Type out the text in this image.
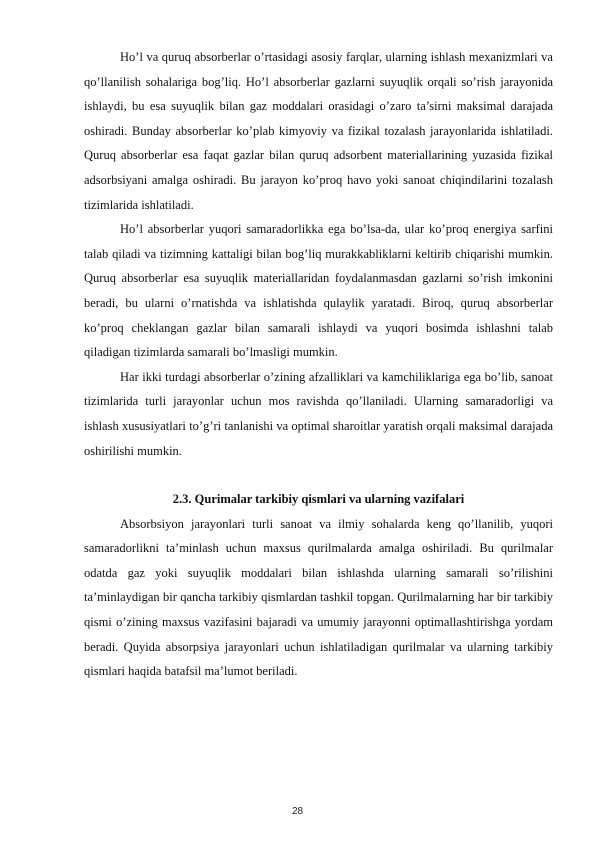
Ho’l va quruq absorberlar o’rtasidagi asosiy farqlar, ularning ishlash mexanizmlari va qo’llanilish sohalariga bog’liq. Ho’l absorberlar gazlarni suyuqlik orqali so’rish jarayonida ishlaydi, bu esa suyuqlik bilan gaz moddalari orasidagi o’zaro ta’sirni maksimal darajada oshiradi. Bunday absorberlar ko’plab kimyoviy va fizikal tozalash jarayonlarida ishlatiladi. Quruq absorberlar esa faqat gazlar bilan quruq adsorbent materiallarining yuzasida fizikal adsorbsiyani amalga oshiradi. Bu jarayon ko’proq havo yoki sanoat chiqindilarini tozalash tizimlarida ishlatiladi.

Ho’l absorberlar yuqori samaradorlikka ega bo’lsa-da, ular ko’proq energiya sarfini talab qiladi va tizimning kattaligi bilan bog’liq murakkabliklarni keltirib chiqarishi mumkin. Quruq absorberlar esa suyuqlik materiallaridan foydalanmasdan gazlarni so’rish imkonini beradi, bu ularni o’rnatishda va ishlatishda qulaylik yaratadi. Biroq, quruq absorberlar ko’proq cheklangan gazlar bilan samarali ishlaydi va yuqori bosimda ishlashni talab qiladigan tizimlarda samarali bo’lmasligi mumkin.

Har ikki turdagi absorberlar o’zining afzalliklari va kamchiliklariga ega bo’lib, sanoat tizimlarida turli jarayonlar uchun mos ravishda qo’llaniladi. Ularning samaradorligi va ishlash xususiyatlari to’g’ri tanlanishi va optimal sharoitlar yaratish orqali maksimal darajada oshirilishi mumkin.

2.3. Qurimalar tarkibiy qismlari va ularning vazifalari

Absorbsiyon jarayonlari turli sanoat va ilmiy sohalarda keng qo’llanilib, yuqori samaradorlikni ta’minlash uchun maxsus qurilmalarda amalga oshiriladi. Bu qurilmalar odatda gaz yoki suyuqlik moddalari bilan ishlashda ularning samarali so’rilishini ta’minlaydigan bir qancha tarkibiy qismlardan tashkil topgan. Qurilmalarning har bir tarkibiy qismi o’zining maxsus vazifasini bajaradi va umumiy jarayonni optimallashtirishga yordam beradi. Quyida absorpsiya jarayonlari uchun ishlatiladigan qurilmalar va ularning tarkibiy qismlari haqida batafsil ma’lumot beriladi.

28
